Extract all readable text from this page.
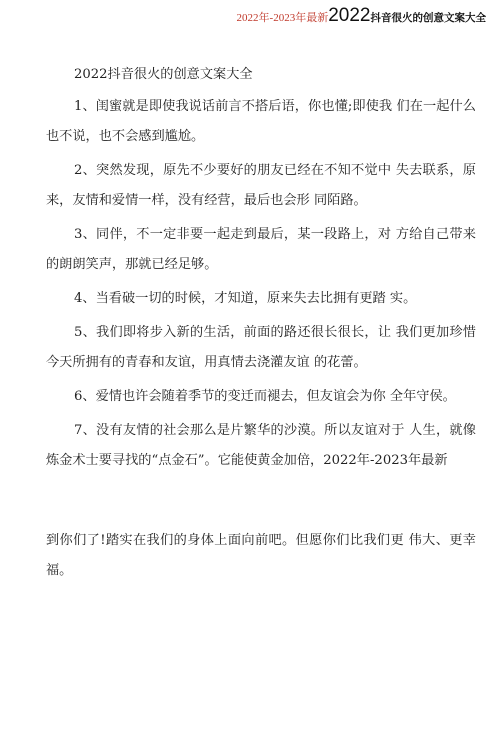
2022年-2023年最新2022抖音很火的创意文案大全

2022抖音很火的创意文案大全

1、闺蜜就是即使我说话前言不搭后语，你也懂;即使我 们在一起什么也不说，也不会感到尴尬。

2、突然发现，原先不少要好的朋友已经在不知不觉中 失去联系，原来，友情和爱情一样，没有经营，最后也会形 同陌路。

3、同伴，不一定非要一起走到最后，某一段路上，对 方给自己带来的朗朗笑声，那就已经足够。

4、当看破一切的时候，才知道，原来失去比拥有更踏 实。

5、我们即将步入新的生活，前面的路还很长很长，让 我们更加珍惜今天所拥有的青春和友谊，用真情去浇灌友谊 的花蕾。

6、爱情也许会随着季节的变迁而褪去，但友谊会为你 全年守侯。

7、没有友情的社会那么是片繁华的沙漠。所以友谊对于 人生，就像炼金术士要寻找的“点金石”。它能使黄金加倍，2022年-2023年最新

到你们了!踏实在我们的身体上面向前吧。但愿你们比我们更 伟大、更幸福。
